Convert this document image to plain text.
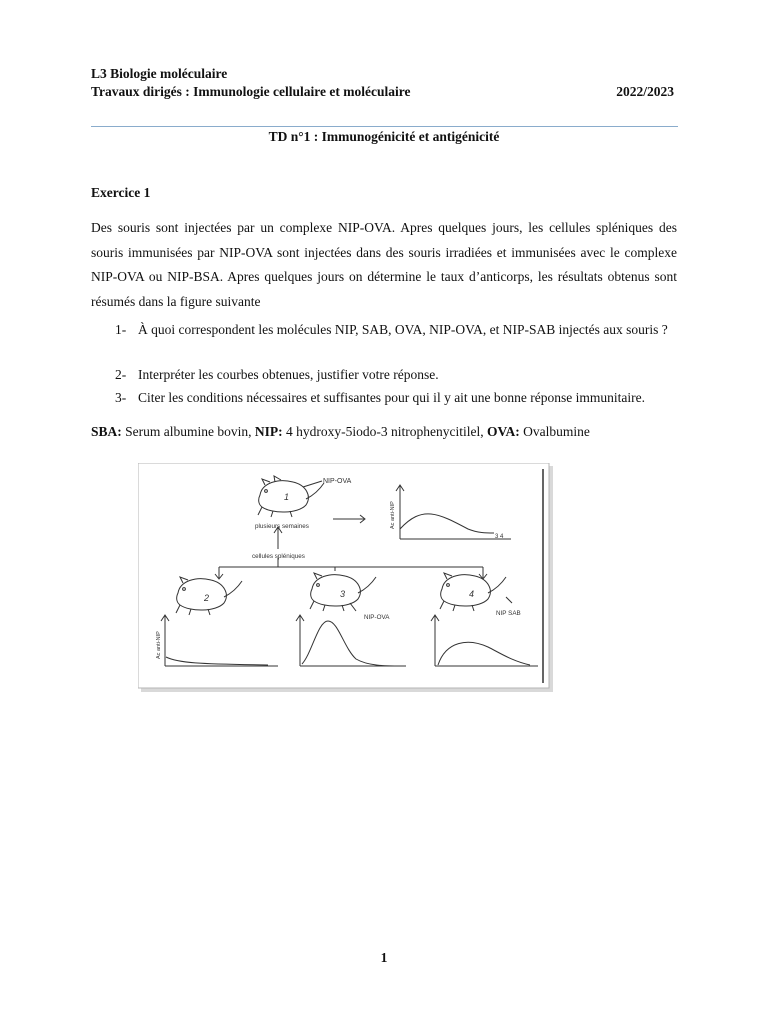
L3 Biologie moléculaire
Travaux dirigés : Immunologie cellulaire et moléculaire	2022/2023
TD n°1 : Immunogénicité et antigénicité
Exercice 1
Des souris sont injectées par un complexe NIP-OVA. Apres quelques jours, les cellules spléniques des souris immunisées par NIP-OVA sont injectées dans des souris irradiées et immunisées avec le complexe NIP-OVA ou NIP-BSA. Apres quelques jours on détermine le taux d’anticorps, les résultats obtenus sont résumés dans la figure suivante
1- À quoi correspondent les molécules NIP, SAB, OVA, NIP-OVA, et NIP-SAB injectés aux souris ?
2- Interpréter les courbes obtenues, justifier votre réponse.
3- Citer les conditions nécessaires et suffisantes pour qui il y ait une bonne réponse immunitaire.
SBA: Serum albumine bovin, NIP: 4 hydroxy-5iodo-3 nitrophenycitilel, OVA: Ovalbumine
NIP-OVA
plusieurs semaines
cellules spléniques
NIP-OVA
NIP SAB
Ac anti-NIP
Ac anti-NIP
1
2	3	4
3 4
1
